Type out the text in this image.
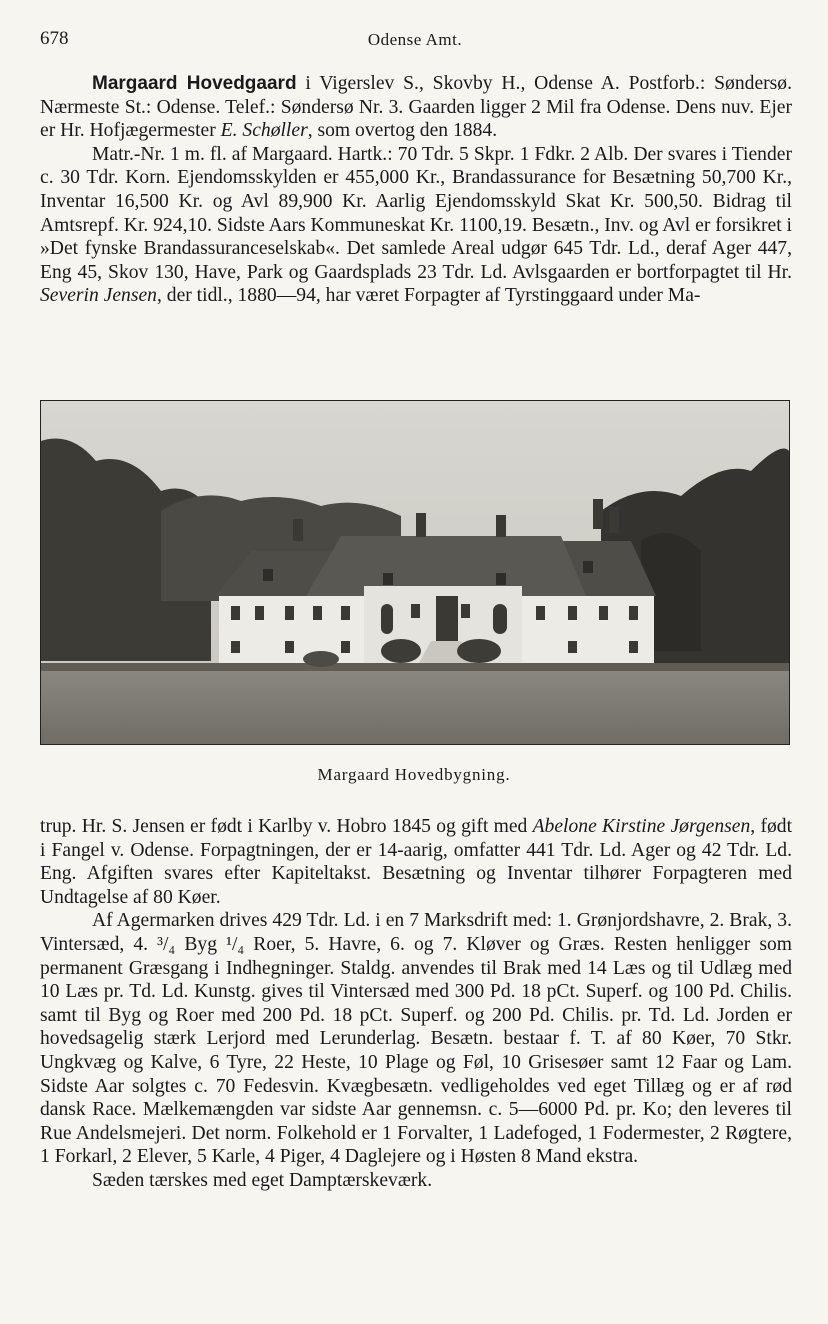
678	Odense Amt.

Margaard Hovedgaard i Vigerslev S., Skovby H., Odense A. Postforb.: Søndersø. Nærmeste St.: Odense. Telef.: Søndersø Nr. 3. Gaarden ligger 2 Mil fra Odense. Dens nuv. Ejer er Hr. Hofjægermester E. Schøller, som overtog den 1884.

Matr.-Nr. 1 m. fl. af Margaard. Hartk.: 70 Tdr. 5 Skpr. 1 Fdkr. 2 Alb. Der svares i Tiender c. 30 Tdr. Korn. Ejendomsskylden er 455,000 Kr., Brandassurance for Besætning 50,700 Kr., Inventar 16,500 Kr. og Avl 89,900 Kr. Aarlig Ejendomsskyld Skat Kr. 500,50. Bidrag til Amtsrepf. Kr. 924,10. Sidste Aars Kommuneskat Kr. 1100,19. Besætn., Inv. og Avl er forsikret i »Det fynske Brandassuranceselskab«. Det samlede Areal udgør 645 Tdr. Ld., deraf Ager 447, Eng 45, Skov 130, Have, Park og Gaardsplads 23 Tdr. Ld. Avlsgaarden er bortforpagtet til Hr. Severin Jensen, der tidl., 1880—94, har været Forpagter af Tyrstinggaard under Ma-

Margaard Hovedbygning.

trup. Hr. S. Jensen er født i Karlby v. Hobro 1845 og gift med Abelone Kirstine Jørgensen, født i Fangel v. Odense. Forpagtningen, der er 14-aarig, omfatter 441 Tdr. Ld. Ager og 42 Tdr. Ld. Eng. Afgiften svares efter Kapiteltakst. Besætning og Inventar tilhører Forpagteren med Undtagelse af 80 Køer.

Af Agermarken drives 429 Tdr. Ld. i en 7 Marksdrift med: 1. Grønjordshavre, 2. Brak, 3. Vintersæd, 4. ³/₄ Byg ¹/₄ Roer, 5. Havre, 6. og 7. Kløver og Græs. Resten henligger som permanent Græsgang i Indhegninger. Staldg. anvendes til Brak med 14 Læs og til Udlæg med 10 Læs pr. Td. Ld. Kunstg. gives til Vintersæd med 300 Pd. 18 pCt. Superf. og 100 Pd. Chilis. samt til Byg og Roer med 200 Pd. 18 pCt. Superf. og 200 Pd. Chilis. pr. Td. Ld. Jorden er hovedsagelig stærk Lerjord med Lerunderlag. Besætn. bestaar f. T. af 80 Køer, 70 Stkr. Ungkvæg og Kalve, 6 Tyre, 22 Heste, 10 Plage og Føl, 10 Grisesøer samt 12 Faar og Lam. Sidste Aar solgtes c. 70 Fedesvin. Kvægbesætn. vedligeholdes ved eget Tillæg og er af rød dansk Race. Mælkemængden var sidste Aar gennemsn. c. 5—6000 Pd. pr. Ko; den leveres til Rue Andelsmejeri. Det norm. Folkehold er 1 Forvalter, 1 Ladefoged, 1 Fodermester, 2 Røgtere, 1 Forkarl, 2 Elever, 5 Karle, 4 Piger, 4 Daglejere og i Høsten 8 Mand ekstra.

Sæden tærskes med eget Damptærskeværk.
